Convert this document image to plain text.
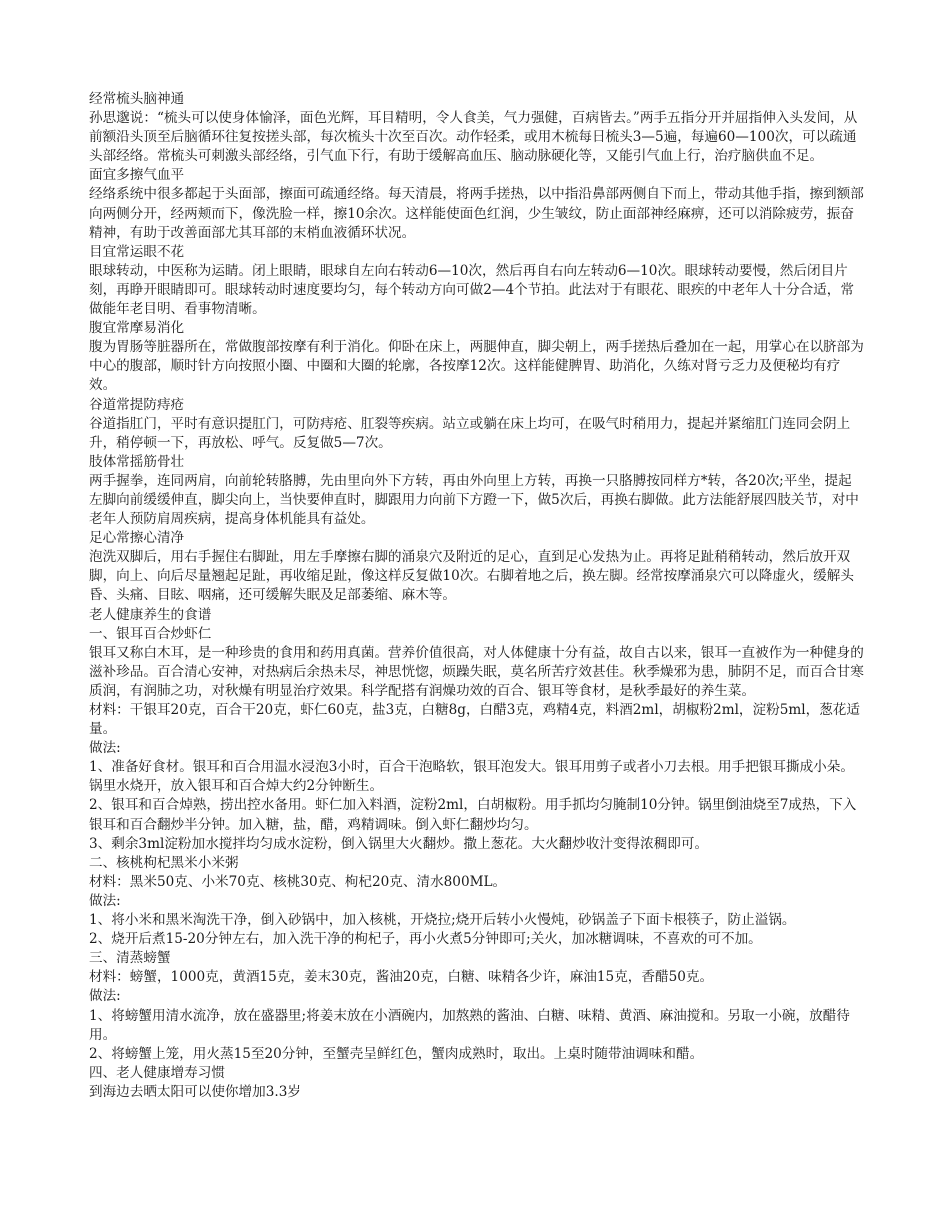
经常梳头脑神通

孙思邈说：“梳头可以使身体愉泽，面色光辉，耳目精明，令人食美，气力强健，百病皆去。”两手五指分开并屈指伸入头发间，从前额沿头顶至后脑循环往复按搓头部，每次梳头十次至百次。动作轻柔，或用木梳每日梳头3—5遍，每遍60—100次，可以疏通头部经络。常梳头可刺激头部经络，引气血下行，有助于缓解高血压、脑动脉硬化等，又能引气血上行，治疗脑供血不足。

面宜多擦气血平

经络系统中很多都起于头面部，擦面可疏通经络。每天清晨，将两手搓热，以中指沿鼻部两侧自下而上，带动其他手指，擦到额部向两侧分开，经两颊而下，像洗脸一样，擦10余次。这样能使面色红润，少生皱纹，防止面部神经麻痹，还可以消除疲劳，振奋精神，有助于改善面部尤其耳部的末梢血液循环状况。

目宜常运眼不花

眼球转动，中医称为运睛。闭上眼睛，眼球自左向右转动6—10次，然后再自右向左转动6—10次。眼球转动要慢，然后闭目片刻，再睁开眼睛即可。眼球转动时速度要均匀，每个转动方向可做2—4个节拍。此法对于有眼花、眼疾的中老年人十分合适，常做能年老目明、看事物清晰。

腹宜常摩易消化

腹为胃肠等脏器所在，常做腹部按摩有利于消化。仰卧在床上，两腿伸直，脚尖朝上，两手搓热后叠加在一起，用掌心在以脐部为中心的腹部，顺时针方向按照小圈、中圈和大圈的轮廓，各按摩12次。这样能健脾胃、助消化，久练对肾亏乏力及便秘均有疗效。

谷道常提防痔疮

谷道指肛门，平时有意识提肛门，可防痔疮、肛裂等疾病。站立或躺在床上均可，在吸气时稍用力，提起并紧缩肛门连同会阴上升，稍停顿一下，再放松、呼气。反复做5—7次。

肢体常摇筋骨壮

两手握拳，连同两肩，向前轮转胳膊，先由里向外下方转，再由外向里上方转，再换一只胳膊按同样方*转，各20次;平坐，提起左脚向前缓缓伸直，脚尖向上，当快要伸直时，脚跟用力向前下方蹬一下，做5次后，再换右脚做。此方法能舒展四肢关节，对中老年人预防肩周疾病，提高身体机能具有益处。

足心常擦心清净

泡洗双脚后，用右手握住右脚趾，用左手摩擦右脚的涌泉穴及附近的足心，直到足心发热为止。再将足趾稍稍转动，然后放开双脚，向上、向后尽量翘起足趾，再收缩足趾，像这样反复做10次。右脚着地之后，换左脚。经常按摩涌泉穴可以降虚火，缓解头昏、头痛、目眩、咽痛，还可缓解失眠及足部萎缩、麻木等。

老人健康养生的食谱

一、银耳百合炒虾仁

银耳又称白木耳，是一种珍贵的食用和药用真菌。营养价值很高，对人体健康十分有益，故自古以来，银耳一直被作为一种健身的滋补珍品。百合清心安神，对热病后余热未尽，神思恍惚，烦躁失眠，莫名所苦疗效甚佳。秋季燥邪为患，肺阴不足，而百合甘寒质润，有润肺之功，对秋燥有明显治疗效果。科学配搭有润燥功效的百合、银耳等食材，是秋季最好的养生菜。

材料：干银耳20克，百合干20克，虾仁60克，盐3克，白糖8g，白醋3克，鸡精4克，料酒2ml，胡椒粉2ml，淀粉5ml，葱花适量。

做法:

1、准备好食材。银耳和百合用温水浸泡3小时，百合干泡略软，银耳泡发大。银耳用剪子或者小刀去根。用手把银耳撕成小朵。锅里水烧开，放入银耳和百合焯大约2分钟断生。

2、银耳和百合焯熟，捞出控水备用。虾仁加入料酒，淀粉2ml，白胡椒粉。用手抓均匀腌制10分钟。锅里倒油烧至7成热，下入银耳和百合翻炒半分钟。加入糖，盐，醋，鸡精调味。倒入虾仁翻炒均匀。

3、剩余3ml淀粉加水搅拌均匀成水淀粉，倒入锅里大火翻炒。撒上葱花。大火翻炒收汁变得浓稠即可。

二、核桃枸杞黑米小米粥

材料：黑米50克、小米70克、核桃30克、枸杞20克、清水800ML。

做法:

1、将小米和黑米淘洗干净，倒入砂锅中，加入核桃，开烧拉;烧开后转小火慢炖，砂锅盖子下面卡根筷子，防止溢锅。

2、烧开后煮15-20分钟左右，加入洗干净的枸杞子，再小火煮5分钟即可;关火，加冰糖调味，不喜欢的可不加。

三、清蒸螃蟹

材料：螃蟹，1000克，黄酒15克，姜末30克，酱油20克，白糖、味精各少许，麻油15克，香醋50克。

做法:

1、将螃蟹用清水流净，放在盛器里;将姜末放在小酒碗内，加熬熟的酱油、白糖、味精、黄酒、麻油搅和。另取一小碗，放醋待用。

2、将螃蟹上笼，用火蒸15至20分钟，至蟹壳呈鲜红色，蟹肉成熟时，取出。上桌时随带油调味和醋。

四、老人健康增寿习惯

到海边去晒太阳可以使你增加3.3岁
